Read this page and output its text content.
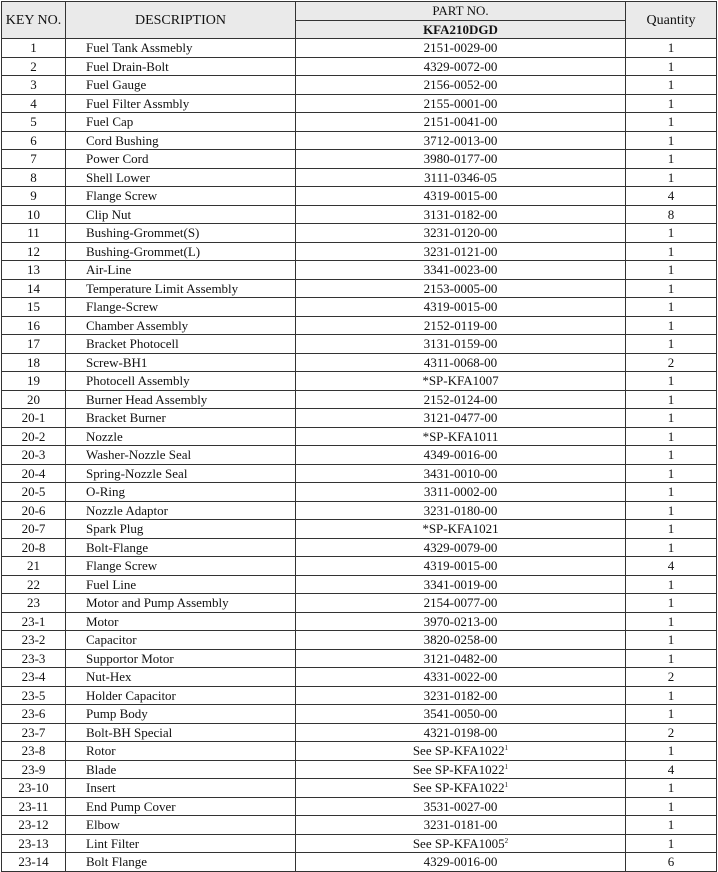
KEY NO.	DESCRIPTION	PART NO.	Quantity
		KFA210DGD	
1	Fuel Tank Assmebly	2151-0029-00	1
2	Fuel Drain-Bolt	4329-0072-00	1
3	Fuel Gauge	2156-0052-00	1
4	Fuel Filter Assmbly	2155-0001-00	1
5	Fuel Cap	2151-0041-00	1
6	Cord Bushing	3712-0013-00	1
7	Power Cord	3980-0177-00	1
8	Shell Lower	3111-0346-05	1
9	Flange Screw	4319-0015-00	4
10	Clip Nut	3131-0182-00	8
11	Bushing-Grommet(S)	3231-0120-00	1
12	Bushing-Grommet(L)	3231-0121-00	1
13	Air-Line	3341-0023-00	1
14	Temperature Limit Assembly	2153-0005-00	1
15	Flange-Screw	4319-0015-00	1
16	Chamber Assembly	2152-0119-00	1
17	Bracket Photocell	3131-0159-00	1
18	Screw-BH1	4311-0068-00	2
19	Photocell Assembly	*SP-KFA1007	1
20	Burner Head Assembly	2152-0124-00	1
20-1	Bracket Burner	3121-0477-00	1
20-2	Nozzle	*SP-KFA1011	1
20-3	Washer-Nozzle Seal	4349-0016-00	1
20-4	Spring-Nozzle Seal	3431-0010-00	1
20-5	O-Ring	3311-0002-00	1
20-6	Nozzle Adaptor	3231-0180-00	1
20-7	Spark Plug	*SP-KFA1021	1
20-8	Bolt-Flange	4329-0079-00	1
21	Flange Screw	4319-0015-00	4
22	Fuel Line	3341-0019-00	1
23	Motor and Pump Assembly	2154-0077-00	1
23-1	Motor	3970-0213-00	1
23-2	Capacitor	3820-0258-00	1
23-3	Supportor Motor	3121-0482-00	1
23-4	Nut-Hex	4331-0022-00	2
23-5	Holder Capacitor	3231-0182-00	1
23-6	Pump Body	3541-0050-00	1
23-7	Bolt-BH Special	4321-0198-00	2
23-8	Rotor	See SP-KFA1022$^1$	1
23-9	Blade	See SP-KFA1022$^1$	4
23-10	Insert	See SP-KFA1022$^1$	1
23-11	End Pump Cover	3531-0027-00	1
23-12	Elbow	3231-0181-00	1
23-13	Lint Filter	See SP-KFA1005$^2$	1
23-14	Bolt Flange	4329-0016-00	6
